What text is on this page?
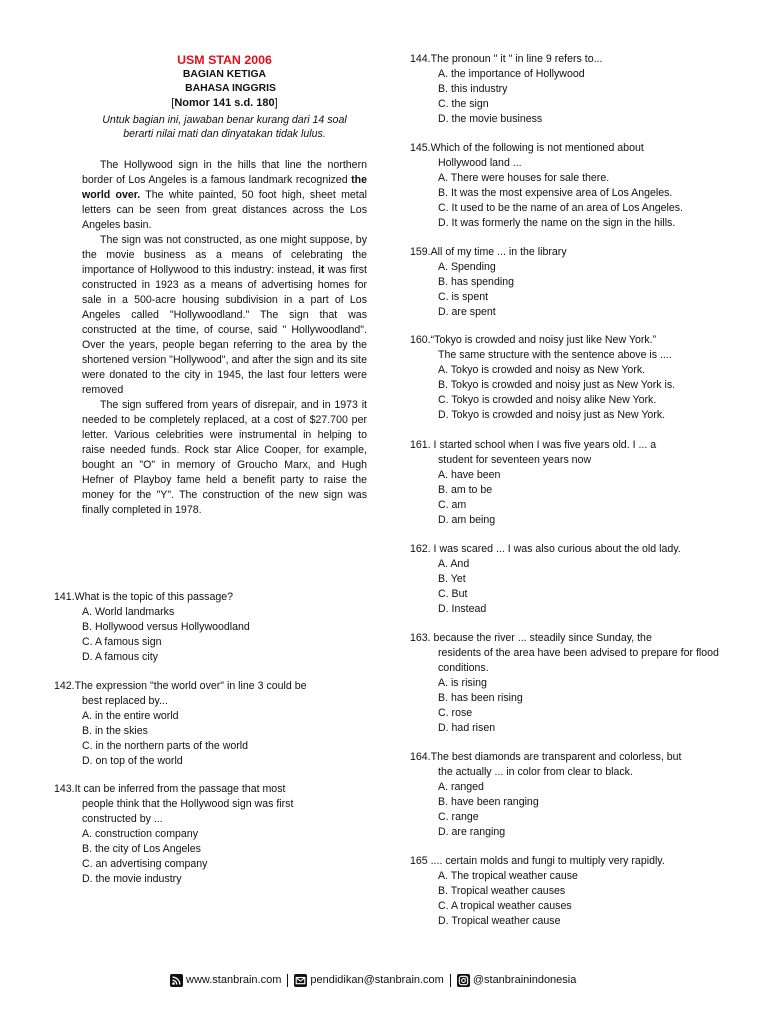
USM STAN 2006
BAGIAN KETIGA
BAHASA INGGRIS
[Nomor 141 s.d. 180]
Untuk bagian ini, jawaban benar kurang dari 14 soal
berarti nilai mati dan dinyatakan tidak lulus.

The Hollywood sign in the hills that line the northern border of Los Angeles is a famous landmark recognized the world over. The white painted, 50 foot high, sheet metal letters can be seen from great distances across the Los Angeles basin.

The sign was not constructed, as one might suppose, by the movie business as a means of celebrating the importance of Hollywood to this industry: instead, it was first constructed in 1923 as a means of advertising homes for sale in a 500-acre housing subdivision in a part of Los Angeles called "Hollywoodland." The sign that was constructed at the time, of course, said " Hollywoodland". Over the years, people began referring to the area by the shortened version "Hollywood", and after the sign and its site were donated to the city in 1945, the last four letters were removed

The sign suffered from years of disrepair, and in 1973 it needed to be completely replaced, at a cost of $27.700 per letter. Various celebrities were instrumental in helping to raise needed funds. Rock star Alice Cooper, for example, bought an "O" in memory of Groucho Marx, and Hugh Hefner of Playboy fame held a benefit party to raise the money for the "Y". The construction of the new sign was finally completed in 1978.

141.What is the topic of this passage?
A. World landmarks
B. Hollywood versus Hollywoodland
C. A famous sign
D. A famous city
142.The expression "the world over" in line 3 could be
best replaced by...
A. in the entire world
B. in the skies
C. in the northern parts of the world
D. on top of the world
143.It can be inferred from the passage that most
people think that the Hollywood sign was first constructed by ...
A. construction company
B. the city of Los Angeles
C. an advertising company
D. the movie industry
144.The pronoun " it " in line 9 refers to...
A. the importance of Hollywood
B. this industry
C. the sign
D. the movie business
145.Which of the following is not mentioned about
Hollywood land ...
A. There were houses for sale there.
B. It was the most expensive area of Los Angeles.
C. It used to be the name of an area of Los Angeles.
D. It was formerly the name on the sign in the hills.
159.All of my time ... in the library
A. Spending
B. has spending
C. is spent
D. are spent
160.“Tokyo is crowded and noisy just like New York.”
The same structure with the sentence above is ....
A. Tokyo is crowded and noisy as New York.
B. Tokyo is crowded and noisy just as New York is.
C. Tokyo is crowded and noisy alike New York.
D. Tokyo is crowded and noisy just as New York.
161. I started school when I was five years old. I ... a
student for seventeen years now
A. have been
B. am to be
C. am
D. am being
162. I was scared ... I was also curious about the old lady.
A. And
B. Yet
C. But
D. Instead
163. because the river ... steadily since Sunday, the
residents of the area have been advised to prepare for flood conditions.
A. is rising
B. has been rising
C. rose
D. had risen
164.The best diamonds are transparent and colorless, but
the actually ... in color from clear to black.
A. ranged
B. have been ranging
C. range
D. are ranging
165 .... certain molds and fungi to multiply very rapidly.
A. The tropical weather cause
B. Tropical weather causes
C. A tropical weather causes
D. Tropical weather cause
www.stanbrain.com	pendidikan@stanbrain.com	@stanbrainindonesia
